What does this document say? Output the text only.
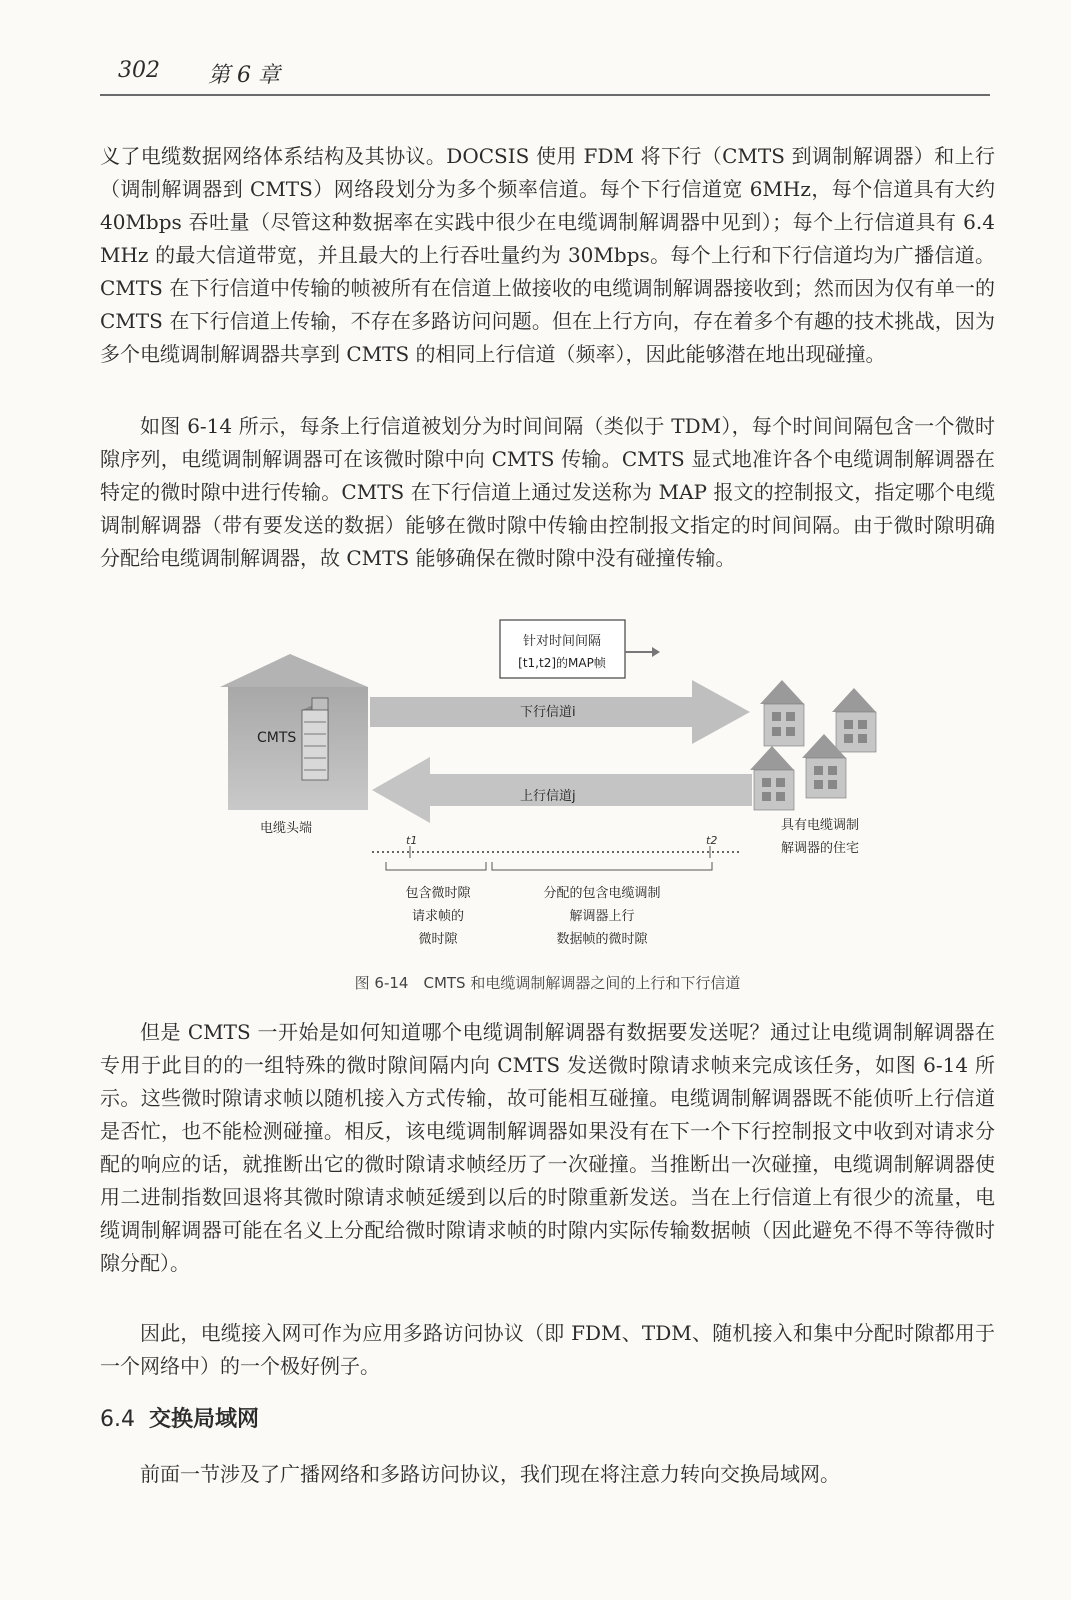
302 第 6 章

义了电缆数据网络体系结构及其协议。DOCSIS 使用 FDM 将下行（CMTS 到调制解调器）和上行（调制解调器到 CMTS）网络段划分为多个频率信道。每个下行信道宽 6MHz，每个信道具有大约 40Mbps 吞吐量（尽管这种数据率在实践中很少在电缆调制解调器中见到）；每个上行信道具有 6.4MHz 的最大信道带宽，并且最大的上行吞吐量约为 30Mbps。每个上行和下行信道均为广播信道。CMTS 在下行信道中传输的帧被所有在信道上做接收的电缆调制解调器接收到；然而因为仅有单一的 CMTS 在下行信道上传输，不存在多路访问问题。但在上行方向，存在着多个有趣的技术挑战，因为多个电缆调制解调器共享到 CMTS 的相同上行信道（频率），因此能够潜在地出现碰撞。

如图 6-14 所示，每条上行信道被划分为时间间隔（类似于 TDM），每个时间间隔包含一个微时隙序列，电缆调制解调器可在该微时隙中向 CMTS 传输。CMTS 显式地准许各个电缆调制解调器在特定的微时隙中进行传输。CMTS 在下行信道上通过发送称为 MAP 报文的控制报文，指定哪个电缆调制解调器（带有要发送的数据）能够在微时隙中传输由控制报文指定的时间间隔。由于微时隙明确分配给电缆调制解调器，故 CMTS 能够确保在微时隙中没有碰撞传输。

CMTS
电缆头端
针对时间间隔
[t1,t2]的MAP帧
下行信道i
上行信道j
具有电缆调制
解调器的住宅
t1	t2
包含微时隙
请求帧的
微时隙
分配的包含电缆调制
解调器上行
数据帧的微时隙
图 6-14　CMTS 和电缆调制解调器之间的上行和下行信道

但是 CMTS 一开始是如何知道哪个电缆调制解调器有数据要发送呢？通过让电缆调制解调器在专用于此目的的一组特殊的微时隙间隔内向 CMTS 发送微时隙请求帧来完成该任务，如图 6-14 所示。这些微时隙请求帧以随机接入方式传输，故可能相互碰撞。电缆调制解调器既不能侦听上行信道是否忙，也不能检测碰撞。相反，该电缆调制解调器如果没有在下一个下行控制报文中收到对请求分配的响应的话，就推断出它的微时隙请求帧经历了一次碰撞。当推断出一次碰撞，电缆调制解调器使用二进制指数回退将其微时隙请求帧延缓到以后的时隙重新发送。当在上行信道上有很少的流量，电缆调制解调器可能在名义上分配给微时隙请求帧的时隙内实际传输数据帧（因此避免不得不等待微时隙分配）。

因此，电缆接入网可作为应用多路访问协议（即 FDM、TDM、随机接入和集中分配时隙都用于一个网络中）的一个极好例子。

6.4 交换局域网

前面一节涉及了广播网络和多路访问协议，我们现在将注意力转向交换局域网。
